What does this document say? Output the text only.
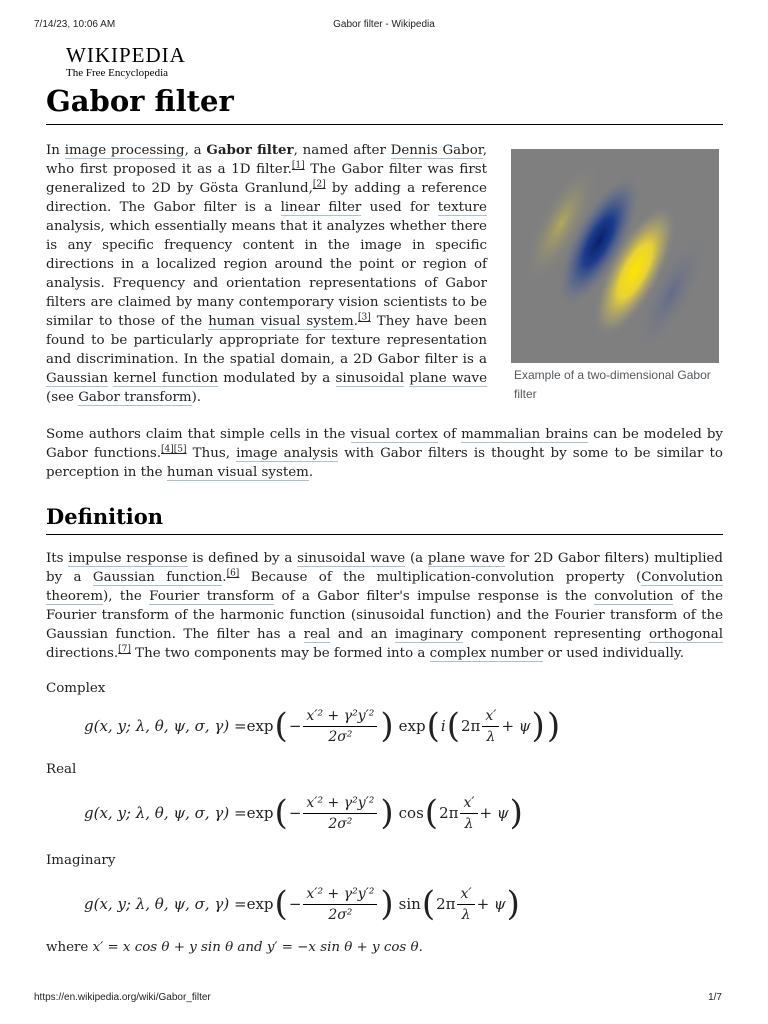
7/14/23, 10:06 AM	Gabor filter - Wikipedia
WIKIPEDIA
The Free Encyclopedia
Gabor filter

In image processing, a Gabor filter, named after Dennis Gabor, who first proposed it as a 1D filter.[1] The Gabor filter was first generalized to 2D by Gösta Granlund,[2] by adding a reference direction. The Gabor filter is a linear filter used for texture analysis, which essentially means that it analyzes whether there is any specific frequency content in the image in specific directions in a localized region around the point or region of analysis. Frequency and orientation representations of Gabor filters are claimed by many contemporary vision scientists to be similar to those of the human visual system.[3] They have been found to be particularly appropriate for texture representation and discrimination. In the spatial domain, a 2D Gabor filter is a Gaussian kernel function modulated by a sinusoidal plane wave (see Gabor transform).

Example of a two-dimensional Gabor filter

Some authors claim that simple cells in the visual cortex of mammalian brains can be modeled by Gabor functions.[4][5] Thus, image analysis with Gabor filters is thought by some to be similar to perception in the human visual system.

Definition

Its impulse response is defined by a sinusoidal wave (a plane wave for 2D Gabor filters) multiplied by a Gaussian function.[6] Because of the multiplication-convolution property (Convolution theorem), the Fourier transform of a Gabor filter's impulse response is the convolution of the Fourier transform of the harmonic function (sinusoidal function) and the Fourier transform of the Gaussian function. The filter has a real and an imaginary component representing orthogonal directions.[7] The two components may be formed into a complex number or used individually.

Complex

g(x, y; λ, θ, ψ, σ, γ) = exp ( − $\frac{\text{x′² + γ²y′²}}{\text{2σ²}}$ ) exp ( i ( $2\pi \frac{x'}{\lambda} + \psi$ ) )

Real

g(x, y; λ, θ, ψ, σ, γ) = exp ( − $\frac{\text{x′² + γ²y′²}}{\text{2σ²}}$ ) cos ( $2\pi \frac{x'}{\lambda} + \psi$ )

Imaginary

g(x, y; λ, θ, ψ, σ, γ) = exp ( − $\frac{\text{x′² + γ²y′²}}{\text{2σ²}}$ ) sin ( $2\pi \frac{x'}{\lambda} + \psi$ )

where x′ = x cos θ + y sin θ and y′ = −x sin θ + y cos θ.

https://en.wikipedia.org/wiki/Gabor_filter	1/7
